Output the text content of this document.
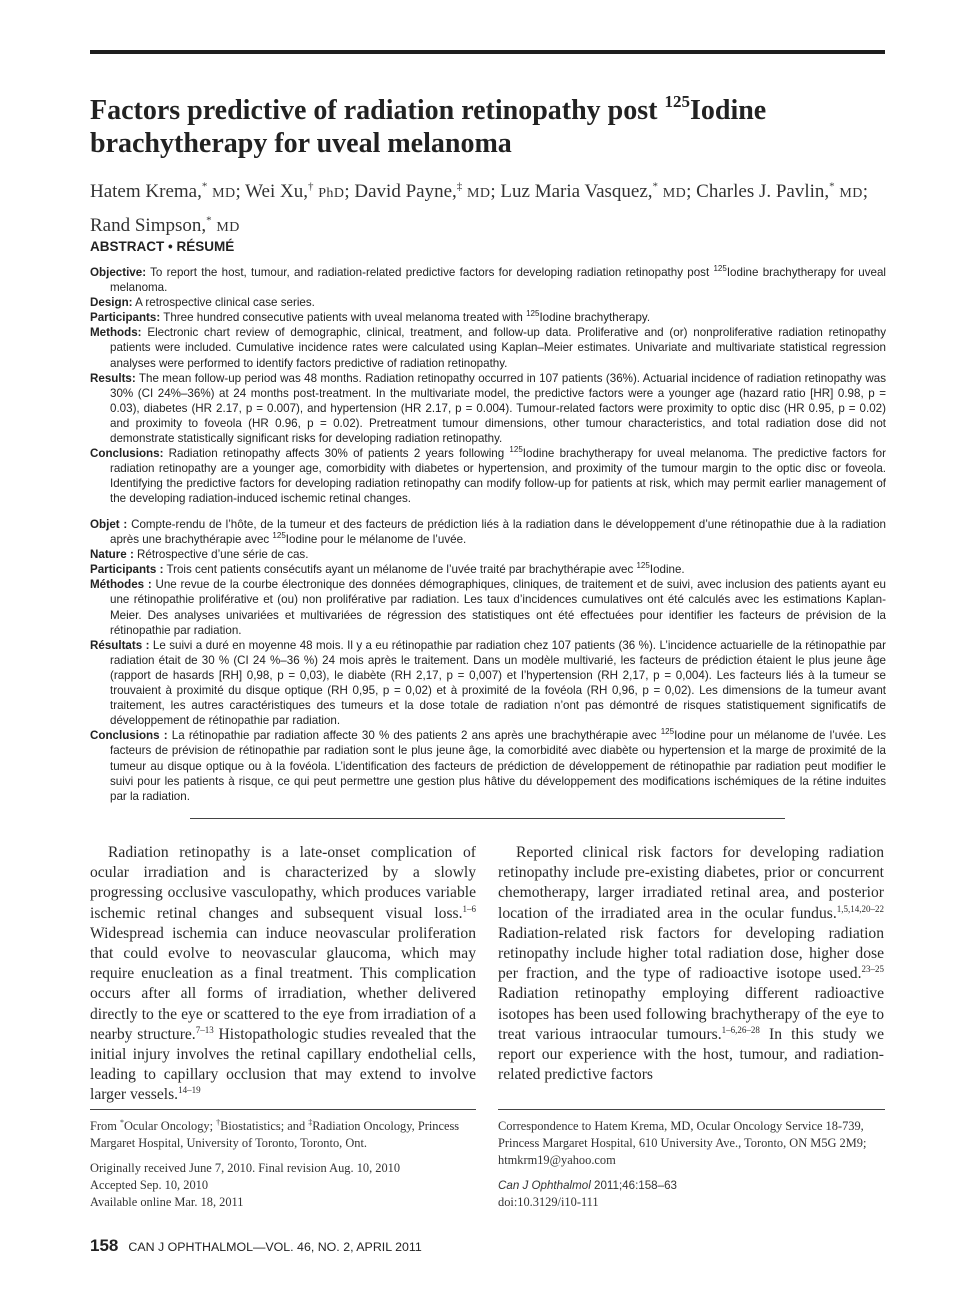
Factors predictive of radiation retinopathy post $^{125}$Iodine brachytherapy for uveal melanoma
Hatem Krema,* MD; Wei Xu,† PhD; David Payne,‡ MD; Luz Maria Vasquez,* MD; Charles J. Pavlin,* MD; Rand Simpson,* MD
ABSTRACT • RÉSUMÉ

Objective: To report the host, tumour, and radiation-related predictive factors for developing radiation retinopathy post $^{125}$Iodine brachytherapy for uveal melanoma.

Design: A retrospective clinical case series.

Participants: Three hundred consecutive patients with uveal melanoma treated with $^{125}$Iodine brachytherapy.

Methods: Electronic chart review of demographic, clinical, treatment, and follow-up data. Proliferative and (or) nonproliferative radiation retinopathy patients were included. Cumulative incidence rates were calculated using Kaplan–Meier estimates. Univariate and multivariate statistical regression analyses were performed to identify factors predictive of radiation retinopathy.

Results: The mean follow-up period was 48 months. Radiation retinopathy occurred in 107 patients (36%). Actuarial incidence of radiation retinopathy was 30% (CI 24%–36%) at 24 months post-treatment. In the multivariate model, the predictive factors were a younger age (hazard ratio [HR] 0.98, p = 0.03), diabetes (HR 2.17, p = 0.007), and hypertension (HR 2.17, p = 0.004). Tumour-related factors were proximity to optic disc (HR 0.95, p = 0.02) and proximity to foveola (HR 0.96, p = 0.02). Pretreatment tumour dimensions, other tumour characteristics, and total radiation dose did not demonstrate statistically significant risks for developing radiation retinopathy.

Conclusions: Radiation retinopathy affects 30% of patients 2 years following $^{125}$Iodine brachytherapy for uveal melanoma. The predictive factors for radiation retinopathy are a younger age, comorbidity with diabetes or hypertension, and proximity of the tumour margin to the optic disc or foveola. Identifying the predictive factors for developing radiation retinopathy can modify follow-up for patients at risk, which may permit earlier management of the developing radiation-induced ischemic retinal changes.

Objet : Compte-rendu de l’hôte, de la tumeur et des facteurs de prédiction liés à la radiation dans le développement d’une rétinopathie due à la radiation après une brachythérapie avec $^{125}$Iodine pour le mélanome de l’uvée.

Nature : Rétrospective d’une série de cas.

Participants : Trois cent patients consécutifs ayant un mélanome de l’uvée traité par brachythérapie avec $^{125}$Iodine.

Méthodes : Une revue de la courbe électronique des données démographiques, cliniques, de traitement et de suivi, avec inclusion des patients ayant eu une rétinopathie proliférative et (ou) non proliférative par radiation. Les taux d’incidences cumulatives ont été calculés avec les estimations Kaplan-Meier. Des analyses univariées et multivariées de régression des statistiques ont été effectuées pour identifier les facteurs de prévision de la rétinopathie par radiation.

Résultats : Le suivi a duré en moyenne 48 mois. Il y a eu rétinopathie par radiation chez 107 patients (36 %). L’incidence actuarielle de la rétinopathie par radiation était de 30 % (CI 24 %–36 %) 24 mois après le traitement. Dans un modèle multivarié, les facteurs de prédiction étaient le plus jeune âge (rapport de hasards [RH] 0,98, p = 0,03), le diabète (RH 2,17, p = 0,007) et l’hypertension (RH 2,17, p = 0,004). Les facteurs liés à la tumeur se trouvaient à proximité du disque optique (RH 0,95, p = 0,02) et à proximité de la fovéola (RH 0,96, p = 0,02). Les dimensions de la tumeur avant traitement, les autres caractéristiques des tumeurs et la dose totale de radiation n’ont pas démontré de risques statistiquement significatifs de développement de rétinopathie par radiation.

Conclusions : La rétinopathie par radiation affecte 30 % des patients 2 ans après une brachythérapie avec $^{125}$Iodine pour un mélanome de l’uvée. Les facteurs de prévision de rétinopathie par radiation sont le plus jeune âge, la comorbidité avec diabète ou hypertension et la marge de proximité de la tumeur au disque optique ou à la fovéola. L’identification des facteurs de prédiction de développement de rétinopathie par radiation peut modifier le suivi pour les patients à risque, ce qui peut permettre une gestion plus hâtive du développement des modifications ischémiques de la rétine induites par la radiation.

Radiation retinopathy is a late-onset complication of ocular irradiation and is characterized by a slowly progressing occlusive vasculopathy, which produces variable ischemic retinal changes and subsequent visual loss.$^{1-6}$ Widespread ischemia can induce neovascular proliferation that could evolve to neovascular glaucoma, which may require enucleation as a final treatment. This complication occurs after all forms of irradiation, whether delivered directly to the eye or scattered to the eye from irradiation of a nearby structure.$^{7-13}$ Histopathologic studies revealed that the initial injury involves the retinal capillary endothelial cells, leading to capillary occlusion that may extend to involve larger vessels.$^{14-19}$

Reported clinical risk factors for developing radiation retinopathy include pre-existing diabetes, prior or concurrent chemotherapy, larger irradiated retinal area, and posterior location of the irradiated area in the ocular fundus.$^{1,5,14,20-22}$ Radiation-related risk factors for developing radiation retinopathy include higher total radiation dose, higher dose per fraction, and the type of radioactive isotope used.$^{23-25}$ Radiation retinopathy employing different radioactive isotopes has been used following brachytherapy of the eye to treat various intraocular tumours.$^{1-6,26-28}$ In this study we report our experience with the host, tumour, and radiation-related predictive factors

From *Ocular Oncology; †Biostatistics; and ‡Radiation Oncology, Princess Margaret Hospital, University of Toronto, Toronto, Ont.

Originally received June 7, 2010. Final revision Aug. 10, 2010

Accepted Sep. 10, 2010

Available online Mar. 18, 2011

Correspondence to Hatem Krema, MD, Ocular Oncology Service 18-739, Princess Margaret Hospital, 610 University Ave., Toronto, ON M5G 2M9; htmkrm19@yahoo.com

Can J Ophthalmol 2011;46:158–63

doi:10.3129/i10-111

158 CAN J OPHTHALMOL—VOL. 46, NO. 2, APRIL 2011
